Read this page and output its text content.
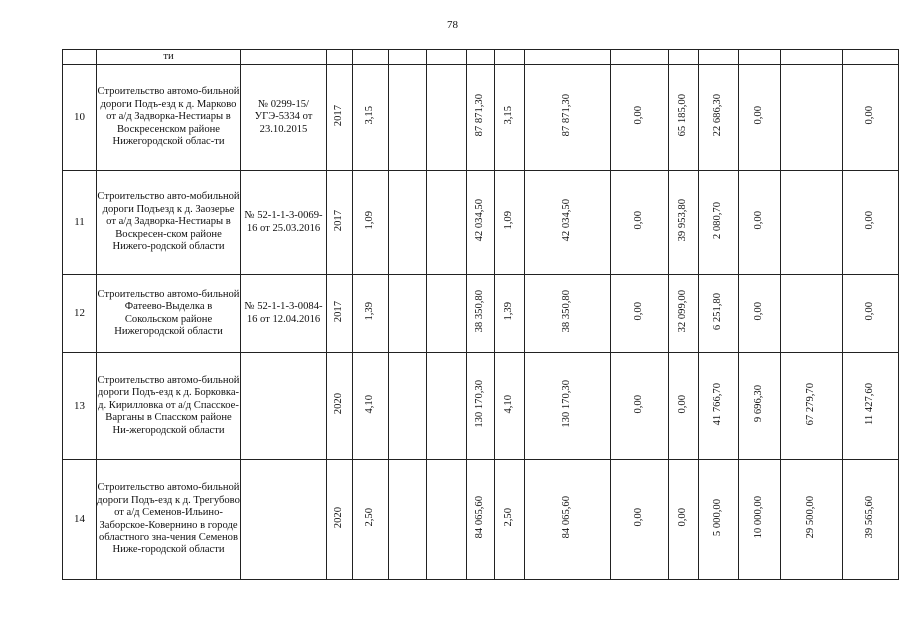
78
	ти														
10	Строительство автомо-бильной дороги Подъ-езд к д. Марково от а/д Задворка-Нестиары в Воскресенском районе Нижегородской облас-ти	№ 0299-15/УГЭ-5334 от 23.10.2015	2017	3,15			87 871,30	3,15	87 871,30	0,00	65 185,00	22 686,30	0,00		0,00
11	Строительство авто-мобильной дороги Подъезд к д. Заозерье от а/д Задворка-Нестиары в Воскресен-ском районе Нижего-родской области	№ 52-1-1-3-0069-16 от 25.03.2016	2017	1,09			42 034,50	1,09	42 034,50	0,00	39 953,80	2 080,70	0,00		0,00
12	Строительство автомо-бильной Фатеево-Выделка в Сокольском районе Нижегородской области	№ 52-1-1-3-0084-16 от 12.04.2016	2017	1,39			38 350,80	1,39	38 350,80	0,00	32 099,00	6 251,80	0,00		0,00
13	Строительство автомо-бильной дороги Подъ-езд к д. Борковка-д. Кирилловка от а/д Спасское-Варганы в Спасском районе Ни-жегородской области		2020	4,10			130 170,30	4,10	130 170,30	0,00	0,00	41 766,70	9 696,30	67 279,70	11 427,60
14	Строительство автомо-бильной дороги Подъ-езд к д. Трегубово от а/д Семенов-Ильино-Заборское-Ковернино в городе областного зна-чения Семенов Ниже-городской области		2020	2,50			84 065,60	2,50	84 065,60	0,00	0,00	5 000,00	10 000,00	29 500,00	39 565,60
